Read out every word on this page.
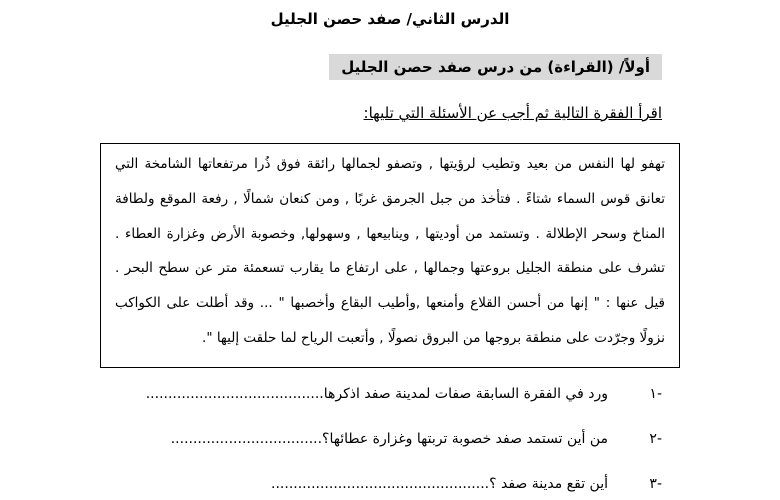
الدرس الثاني/ صفد حصن الجليل
أولاً/ (القراءة) من درس صفد حصن الجليل
اقرأ الفقرة التالية ثم أجب عن الأسئلة التي تليها:
تهفو لها النفس من بعيد وتطيب لرؤيتها , وتصفو لجمالها رائقة فوق ذُرا مرتفعاتها الشامخة التي
تعانق قوس السماء شتاءً . فتأخذ من جبل الجرمق غربًا , ومن كنعان شمالًا , رفعة الموقع ولطافة
المناخ وسحر الإطلالة . وتستمد من أوديتها , وينابيعها , وسهولها, وخصوبة الأرض وغزارة العطاء .
تشرف على منطقة الجليل بروعتها وجمالها , على ارتفاع ما يقارب تسعمئة متر عن سطح البحر .
قيل عنها : " إنها من أحسن القلاع وأمنعها ,وأطيب البقاع وأخصبها " ... وقد أطلت على الكواكب
نزولًا وجرّدت على منطقة بروجها من البروق نصولًا , وأتعبت الرياح لما حلقت إليها ".
١-
ورد في الفقرة السابقة صفات لمدينة صفد اذكرها........................................
٢-
من أين تستمد صفد خصوبة تربتها وغزارة عطائها؟..................................
٣-
أين تقع مدينة صفد ؟.................................................
